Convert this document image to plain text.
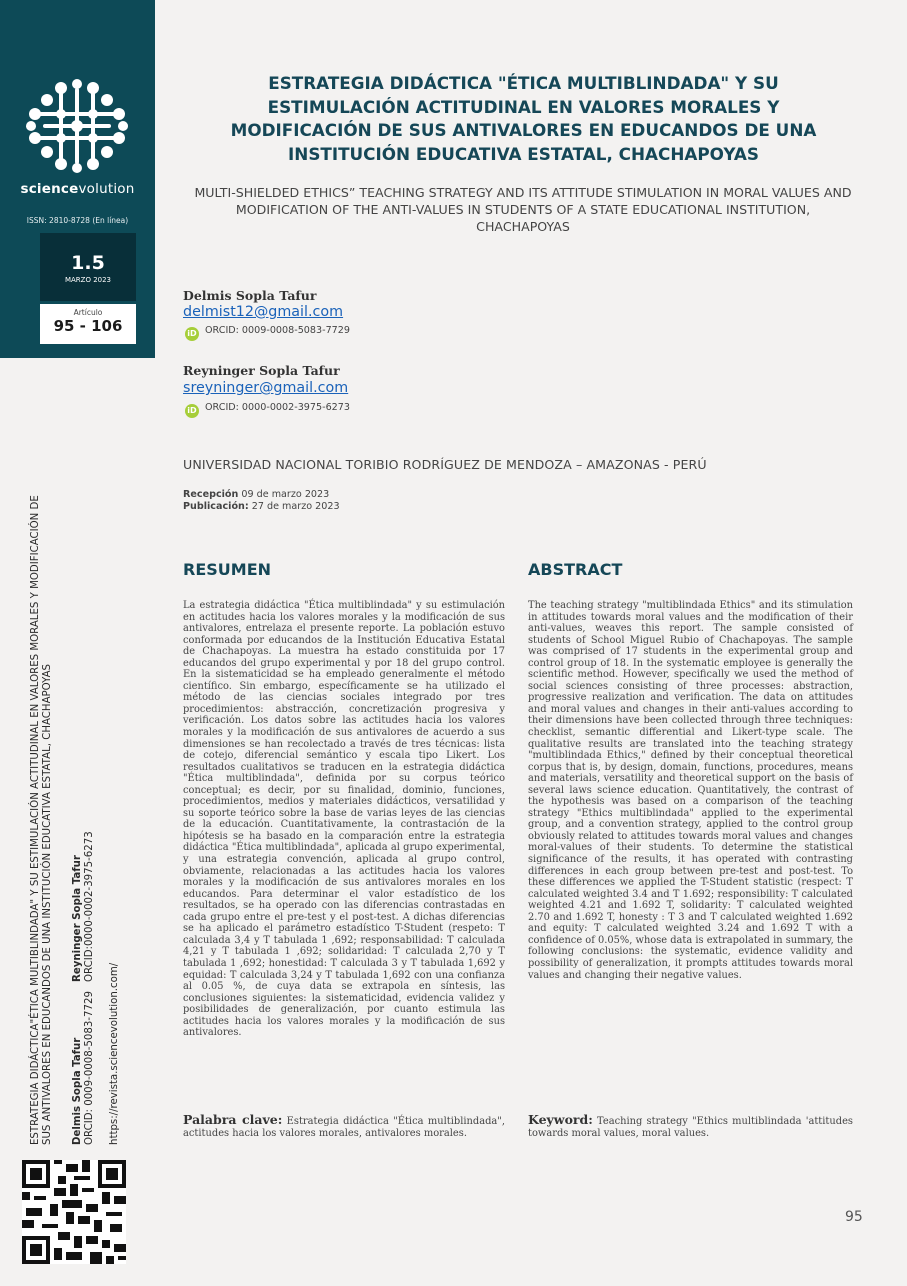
sciencevolution
ISSN: 2810-8728 (En línea)
1.5
MARZO 2023
Artículo
95 - 106
ESTRATEGIA DIDÁCTICA"ÉTICA MULTIBLINDADA" Y SU ESTIMULACIÓN ACTITUDINAL EN VALORES MORALES Y MODIFICACIÓN DE SUS ANTIVALORES EN EDUCANDOS DE UNA INSTITUCIÓN EDUCATIVA ESTATAL, CHACHAPOYAS Delmis Sopla Tafur
ORCID: 0009-0008-5083-7729
Reyninger Sopla Tafur
ORCID:0000-0002-3975-6273
https://revista.sciencevolution.com/
ESTRATEGIA DIDÁCTICA "ÉTICA MULTIBLINDADA" Y SU ESTIMULACIÓN ACTITUDINAL EN VALORES MORALES Y MODIFICACIÓN DE SUS ANTIVALORES EN EDUCANDOS DE UNA INSTITUCIÓN EDUCATIVA ESTATAL, CHACHAPOYAS
MULTI-SHIELDED ETHICS” TEACHING STRATEGY AND ITS ATTITUDE STIMULATION IN MORAL VALUES AND MODIFICATION OF THE ANTI-VALUES IN STUDENTS OF A STATE EDUCATIONAL INSTITUTION, CHACHAPOYAS
Delmis Sopla Tafur
delmist12@gmail.com
iD ORCID: 0009-0008-5083-7729
Reyninger Sopla Tafur
sreyninger@gmail.com
iD ORCID: 0000-0002-3975-6273
UNIVERSIDAD NACIONAL TORIBIO RODRÍGUEZ DE MENDOZA – AMAZONAS - PERÚ
Recepción 09 de marzo 2023
Publicación: 27 de marzo 2023
RESUMEN
La estrategia didáctica "Ética multiblindada" y su estimulación en actitudes hacia los valores morales y la modificación de sus antivalores, entrelaza el presente reporte. La población estuvo conformada por educandos de la Institución Educativa Estatal de Chachapoyas. La muestra ha estado constituida por 17 educandos del grupo experimental y por 18 del grupo control. En la sistematicidad se ha empleado generalmente el método científico. Sin embargo, específicamente se ha utilizado el método de las ciencias sociales integrado por tres procedimientos: abstracción, concretización progresiva y verificación. Los datos sobre las actitudes hacia los valores morales y la modificación de sus antivalores de acuerdo a sus dimensiones se han recolectado a través de tres técnicas: lista de cotejo, diferencial semántico y escala tipo Likert. Los resultados cualitativos se traducen en la estrategia didáctica "Ética multiblindada", definida por su corpus teórico conceptual; es decir, por su finalidad, dominio, funciones, procedimientos, medios y materiales didácticos, versatilidad y su soporte teórico sobre la base de varias leyes de las ciencias de la educación. Cuantitativamente, la contrastación de la hipótesis se ha basado en la comparación entre la estrategia didáctica "Ética multiblindada", aplicada al grupo experimental, y una estrategia convención, aplicada al grupo control, obviamente, relacionadas a las actitudes hacia los valores morales y la modificación de sus antivalores morales en los educandos. Para determinar el valor estadístico de los resultados, se ha operado con las diferencias contrastadas en cada grupo entre el pre-test y el post-test. A dichas diferencias se ha aplicado el parámetro estadístico T-Student (respeto: T calculada 3,4 y T tabulada 1 ,692; responsabilidad: T calculada 4,21 y T tabulada 1 ,692; solidaridad: T calculada 2,70 y T tabulada 1 ,692; honestidad: T calculada 3 y T tabulada 1,692 y equidad: T calculada 3,24 y T tabulada 1,692 con una confianza al 0.05 %, de cuya data se extrapola en síntesis, las conclusiones siguientes: la sistematicidad, evidencia validez y posibilidades de generalización, por cuanto estimula las actitudes hacia los valores morales y la modificación de sus antivalores.
Palabra clave: Estrategia didáctica "Ética multiblindada", actitudes hacia los valores morales, antivalores morales.
ABSTRACT
The teaching strategy "multiblindada Ethics" and its stimulation in attitudes towards moral values and the modification of their anti-values, weaves this report. The sample consisted of students of School Miguel Rubio of Chachapoyas. The sample was comprised of 17 students in the experimental group and control group of 18. In the systematic employee is generally the scientific method. However, specifically we used the method of social sciences consisting of three processes: abstraction, progressive realization and verification. The data on attitudes and moral values and changes in their anti-values according to their dimensions have been collected through three techniques: checklist, semantic differential and Likert-type scale. The qualitative results are translated into the teaching strategy "multiblindada Ethics," defined by their conceptual theoretical corpus that is, by design, domain, functions, procedures, means and materials, versatility and theoretical support on the basis of several laws science education. Quantitatively, the contrast of the hypothesis was based on a comparison of the teaching strategy "Ethics multiblindada" applied to the experimental group, and a convention strategy, applied to the control group obviously related to attitudes towards moral values and changes moral-values of their students. To determine the statistical significance of the results, it has operated with contrasting differences in each group between pre-test and post-test. To these differences we applied the T-Student statistic (respect: T calculated weighted 3.4 and T 1.692; responsibility: T calculated weighted 4.21 and 1.692 T, solidarity: T calculated weighted 2.70 and 1.692 T, honesty : T 3 and T calculated weighted 1.692 and equity: T calculated weighted 3.24 and 1.692 T with a confidence of 0.05%, whose data is extrapolated in summary, the following conclusions: the systematic, evidence validity and possibility of generalization, it prompts attitudes towards moral values and changing their negative values.
Keyword: Teaching strategy "Ethics multiblindada 'attitudes towards moral values, moral values.
95
